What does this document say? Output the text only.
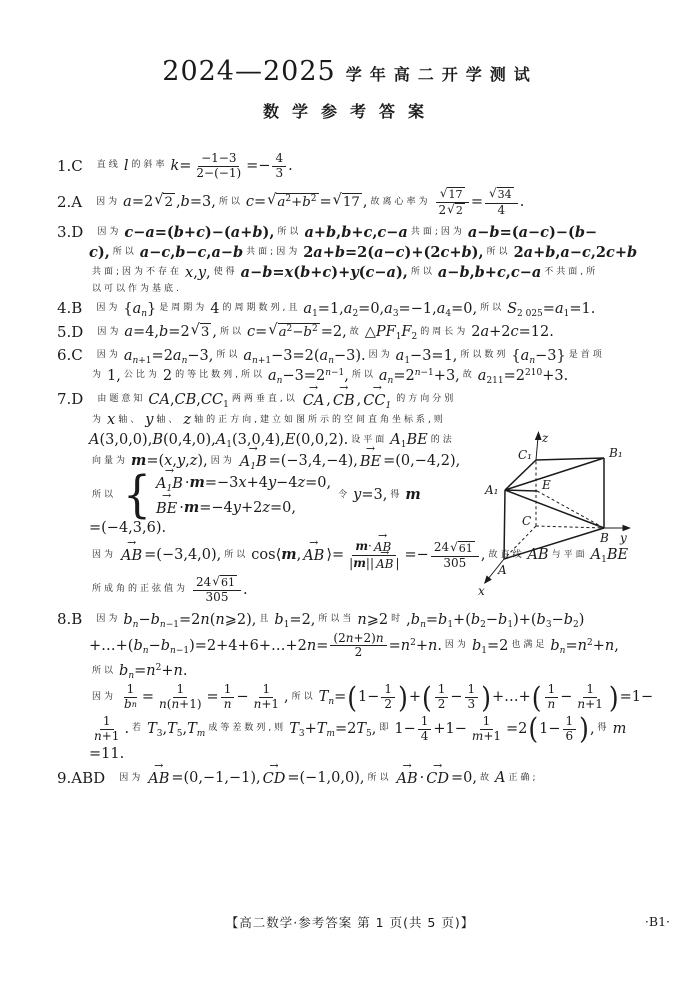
2024—2025 学年高二开学测试
数学参考答案
1.C 直线 l 的斜率 $k= \frac{-1-3}{2-(-1)} =- \frac{4}{3}$ .
2.A 因为 a=2 √ 2 ,b=3, 所以 c= √ $a^2+b^2$ = √ 17 , 故离心率为 $\frac{√ 17}{2 √ 2} = \frac{√ 34}{4}$ .
3.D 因为 c−a=(b+c)−(a+b), 所以 a+b,b+c,c−a 共面;因为 a−b=(a−c)−(b−
c), 所以 a−c,b−c,a−b 共面;因为 2a+b=2(a−c)+(2c+b), 所以 2a+b,a−c,2c+b
共面;因为不存在 x,y, 使得 a−b=x(b+c)+y(c−a), 所以 a−b,b+c,c−a 不共面,所
以可以作为基底.
4.B 因为 $\{a_n\}$ 是周期为 4 的周期数列,且 $a_1=1,a_2=0,a_3=-1,a_4=0$, 所以 $S_{2 025}=a_1=1$.
5.D 因为 a=4,b=2 √ 3 , 所以 c= √ $a^2-b^2 =2$, 故 $\triangle PF_1F_2$
的周长为 2a+2c=12.
6.C 因为 $a_{n+1}=2a_n-3$, 所以 $a_{n+1}-3=2(a_n-3)$. 因为 $a_1-3=1$, 所以数列 $\{a_n-3\}$ 是首项
为 1, 公比为 2 的等比数列,所以 $a_n-3=2^{n-1}$, 所以 $a_n=2^{n-1}+3$, 故 $a_{211}=2^{210}+3$.
7.D 由题意知 $CA,CB,CC_1$
两两垂直,以 → CA , → CB , → $CC_1$
的方向分别
为 x 轴、 y 轴、 z 轴的正方向,建立如图所示的空间直角坐标系,则
$A(3,0,0),B(0,4,0),A_1(3,0,4),E(0,0,2)$. 设平面 $A_1BE$ 的法
向量为 m =(x,y,z), 因为 → $A_1B =(-3,4,-4)$, → BE =(0,−4,2),
所以 { → $A_1B \cdot m =-3x+4y-4z=0$,
→ BE · m =−4y+2z=0,
令 y=3, 得 m
=(−4,3,6).
因为 → AB =(−3,4,0), 所以 cos⟨ m , → AB ⟩= $\frac{m \cdot \to AB}{| m || \to AB |} =- \frac{24 √ 61}{305}$ , 故直线 AB 与平面 $A_1BE$
所成角的正弦值为 $\frac{24 √ 61}{305}$ .
8.B 因为 $b_n-b_{n-1}=2n(n⩾2)$, 且 $b_1=2$, 所以当 n⩾2 时 $,b_n=b_1+(b_2-b_1)+(b_3-b_2)$
$+\dots+(b_n-b_{n-1})=2+4+6+\dots+2n= \frac{(2 n +2) n}{2} =n^2+n$. 因为 $b_1=2$ 也满足 $b_n=n^2+n$,
所以 $b_n=n^2+n$.
因为 $\frac{1}{\text{b n}} = \frac{1}{n ( n +1)} = \frac{1}{n} - \frac{1}{n +1}$ , 所以 $T_n=$ ( $1- \frac{1}{2}$ ) + ( $\frac{1}{2} - \frac{1}{3}$ ) +…+ ( $\frac{1}{n} - \frac{1}{n +1}$ ) =1−
$\frac{1}{n +1}$ . 若 $T_3,T_5,T_m$
成等差数列,则 $T_3+T_m=2T_5$, 即 $1- \frac{1}{4} +1- \frac{1}{m +1} =2$ ( $1- \frac{1}{6}$ ) , 得 m
=11.
9.ABD 因为 → AB =(0,−1,−1), → CD =(−1,0,0), 所以 → AB · → CD =0, 故 A 正确;
z
C₁	B₁
A₁	E
C
B y
A
x
【高二数学·参考答案 第 1 页(共 5 页)】	·B1·
